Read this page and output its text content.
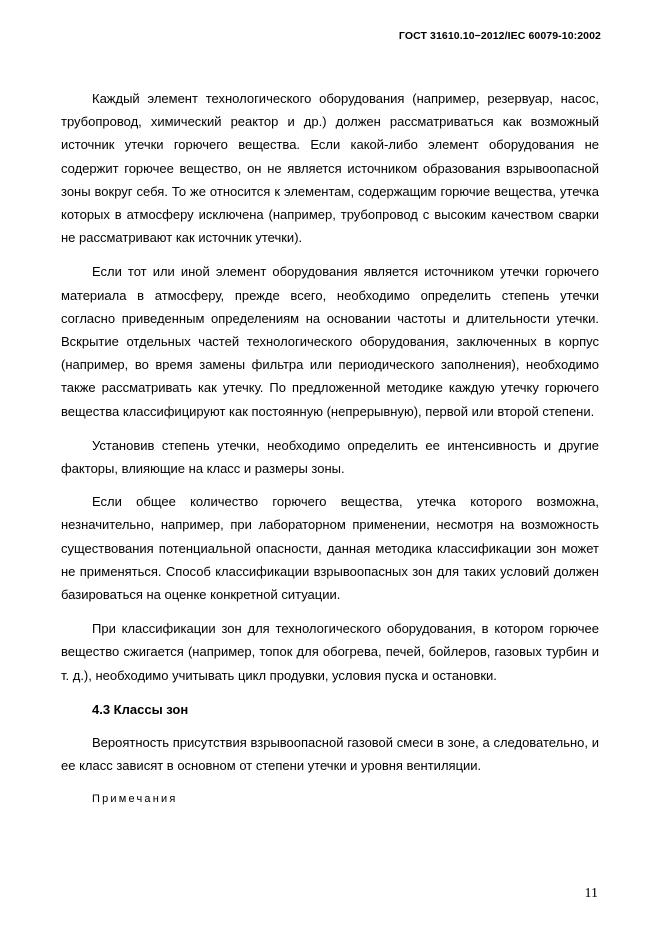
ГОСТ 31610.10−2012/IEC 60079-10:2002

Каждый элемент технологического оборудования (например, резервуар, насос, трубопровод, химический реактор и др.) должен рассматриваться как возможный источник утечки горючего вещества. Если какой-либо элемент оборудования не содержит горючее вещество, он не является источником образования взрывоопасной зоны вокруг себя. То же относится к элементам, содержащим горючие вещества, утечка которых в атмосферу исключена (например, трубопровод с высоким качеством сварки не рассматривают как источник утечки).

Если тот или иной элемент оборудования является источником утечки горючего материала в атмосферу, прежде всего, необходимо определить степень утечки согласно приведенным определениям на основании частоты и длительности утечки. Вскрытие отдельных частей технологического оборудования, заключенных в корпус (например, во время замены фильтра или периодического заполнения), необходимо также рассматривать как утечку. По предложенной методике каждую утечку горючего вещества классифицируют как постоянную (непрерывную), первой или второй степени.

Установив степень утечки, необходимо определить ее интенсивность и другие факторы, влияющие на класс и размеры зоны.

Если общее количество горючего вещества, утечка которого возможна, незначительно, например, при лабораторном применении, несмотря на возможность существования потенциальной опасности, данная методика классификации зон может не применяться. Способ классификации взрывоопасных зон для таких условий должен базироваться на оценке конкретной ситуации.

При классификации зон для технологического оборудования, в котором горючее вещество сжигается (например, топок для обогрева, печей, бойлеров, газовых турбин и т. д.), необходимо учитывать цикл продувки, условия пуска и остановки.

4.3 Классы зон

Вероятность присутствия взрывоопасной газовой смеси в зоне, а следовательно, и ее класс зависят в основном от степени утечки и уровня вентиляции.

Примечания
11
